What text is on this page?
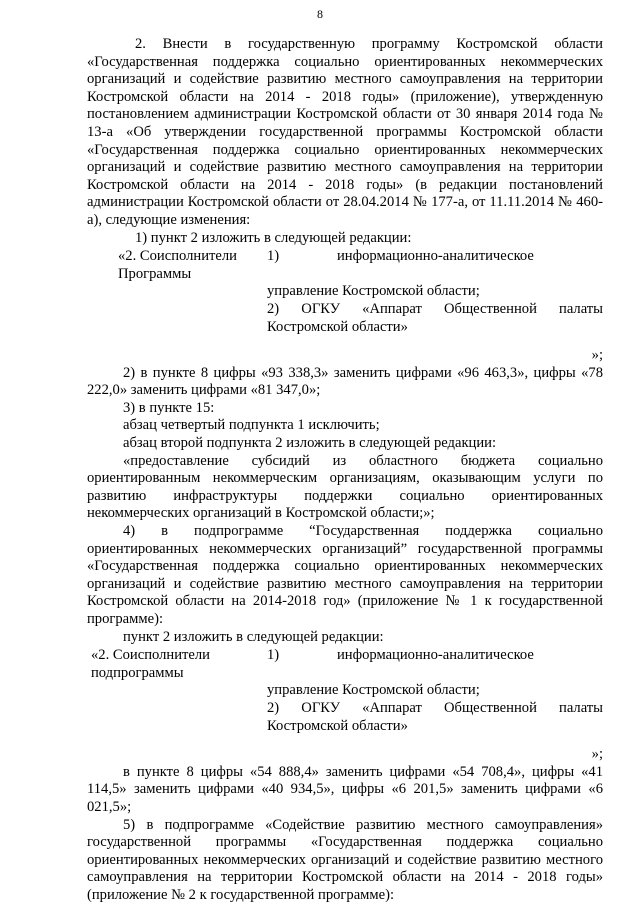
8

2. Внести в государственную программу Костромской области «Государственная поддержка социально ориентированных некоммерческих организаций и содействие развитию местного самоуправления на территории Костромской области на 2014 - 2018 годы» (приложение), утвержденную постановлением администрации Костромской области от 30 января 2014 года № 13-а «Об утверждении государственной программы Костромской области «Государственная поддержка социально ориентированных некоммерческих организаций и содействие развитию местного самоуправления на территории Костромской области на 2014 - 2018 годы» (в редакции постановлений администрации Костромской области от 28.04.2014 № 177-а, от 11.11.2014 № 460-а), следующие изменения:

1) пункт 2 изложить в следующей редакции:

«2. Соисполнители Программы
1)	информационно-аналитическое
управление Костромской области;
2) ОГКУ «Аппарат Общественной палаты Костромской области»

»;

2) в пункте 8 цифры «93 338,3» заменить цифрами «96 463,3», цифры «78 222,0» заменить цифрами «81 347,0»;

3) в пункте 15:

абзац четвертый подпункта 1 исключить;

абзац второй подпункта 2 изложить в следующей редакции:

«предоставление субсидий из областного бюджета социально ориентированным некоммерческим организациям, оказывающим услуги по развитию инфраструктуры поддержки социально ориентированных некоммерческих организаций в Костромской области;»;

4) в подпрограмме “Государственная поддержка социально ориентированных некоммерческих организаций” государственной программы «Государственная поддержка социально ориентированных некоммерческих организаций и содействие развитию местного самоуправления на территории Костромской области на 2014-2018 год» (приложение № 1 к государственной программе):

пункт 2 изложить в следующей редакции:

«2. Соисполнители подпрограммы
1)	информационно-аналитическое
управление Костромской области;
2) ОГКУ «Аппарат Общественной палаты Костромской области»

»;

в пункте 8 цифры «54 888,4» заменить цифрами «54 708,4», цифры «41 114,5» заменить цифрами «40 934,5», цифры «6 201,5» заменить цифрами «6 021,5»;

5) в подпрограмме «Содействие развитию местного самоуправления» государственной программы «Государственная поддержка социально ориентированных некоммерческих организаций и содействие развитию местного самоуправления на территории Костромской области на 2014 - 2018 годы» (приложение № 2 к государственной программе):
